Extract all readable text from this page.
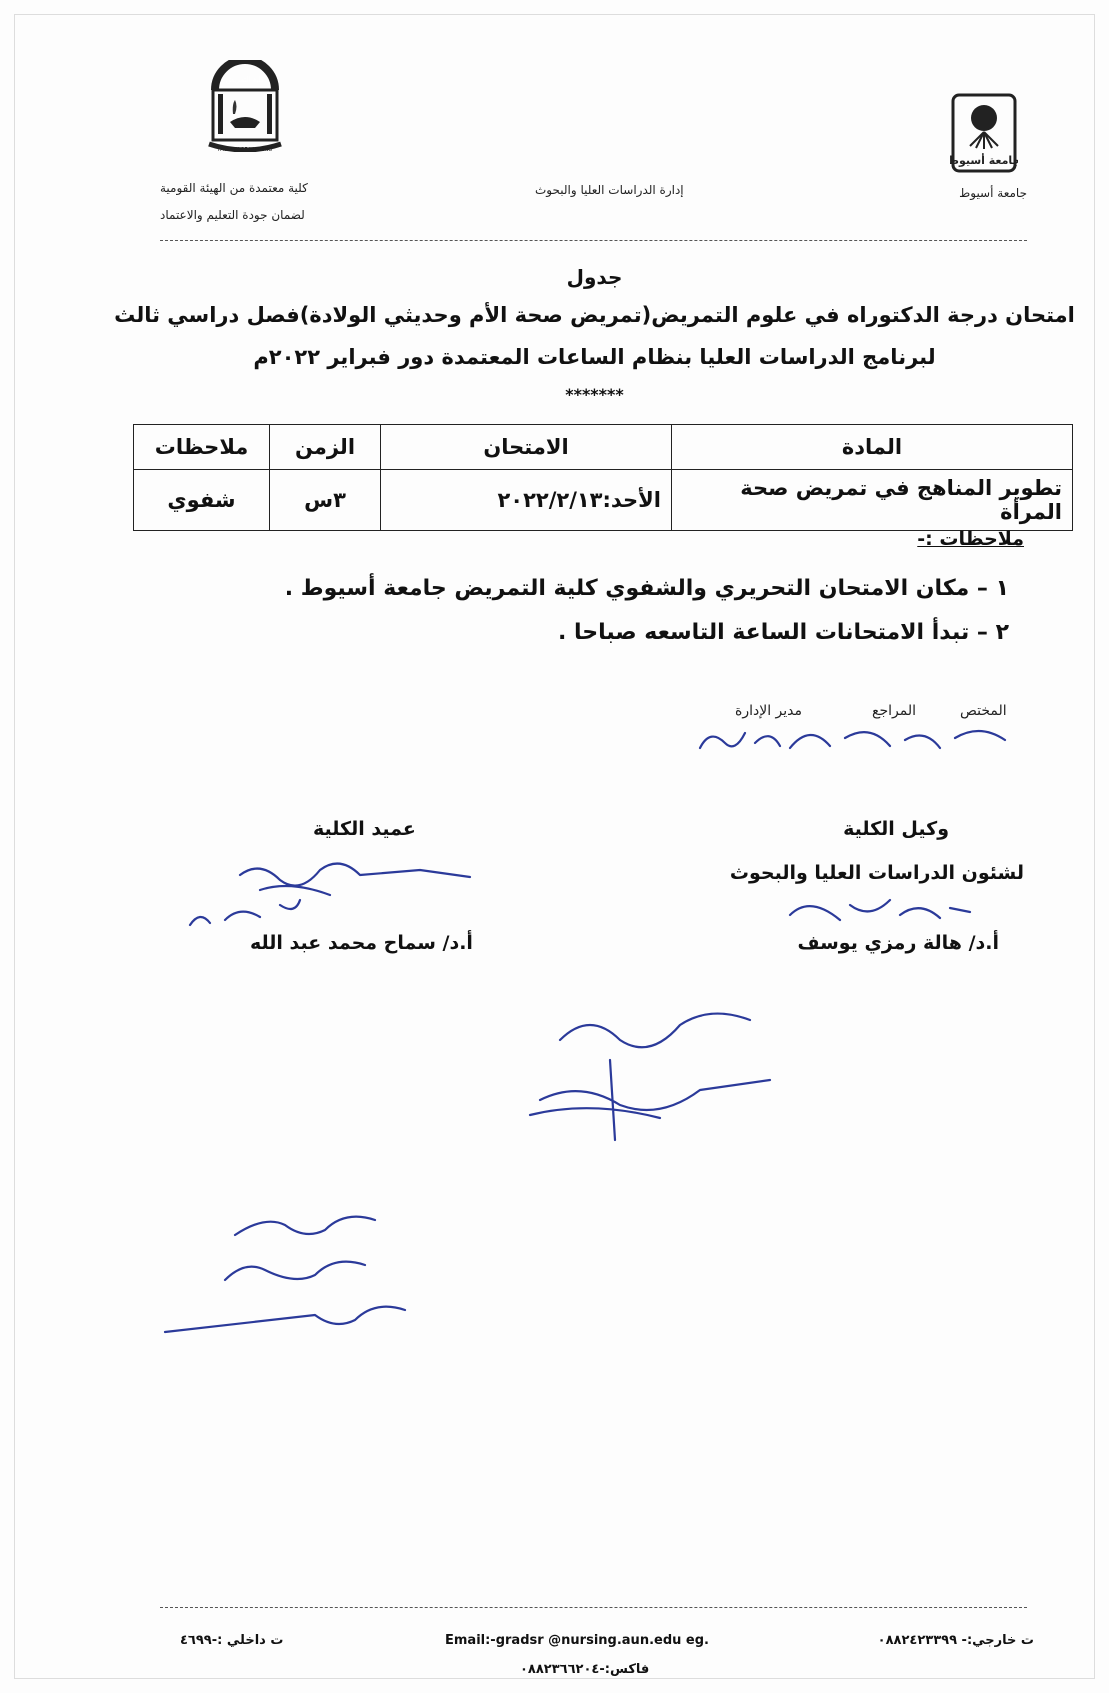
جامعة أسيوط
كلية التمريض
FACULTY OF NURSING
جامعة أسيوط
إدارة الدراسات العليا والبحوث
كلية معتمدة من الهيئة القومية
لضمان جودة التعليم والاعتماد
جدول
امتحان درجة الدكتوراه في علوم التمريض(تمريض صحة الأم وحديثي الولادة)فصل دراسي ثالث
لبرنامج الدراسات العليا بنظام الساعات المعتمدة دور فبراير ٢٠٢٢م
*******
المادة	الامتحان	الزمن	ملاحظات
تطوير المناهج في تمريض صحة المرأة	الأحد:٢٠٢٢/٢/١٣	٣س	شفوي
ملاحظات :-
١ – مكان الامتحان التحريري والشفوي كلية التمريض جامعة أسيوط .
٢ – تبدأ الامتحانات الساعة التاسعه صباحا .
المختص
المراجع
مدير الإدارة
وكيل الكلية
لشئون الدراسات العليا والبحوث
أ.د/ هالة رمزي يوسف
عميد الكلية
أ.د/ سماح محمد عبد الله
ت خارجي:- ٠٨٨٢٤٢٣٣٩٩
Email:-gradsr @nursing.aun.edu eg.
ت داخلي :-٤٦٩٩
فاكس:-٠٨٨٢٣٦٦٢٠٤
